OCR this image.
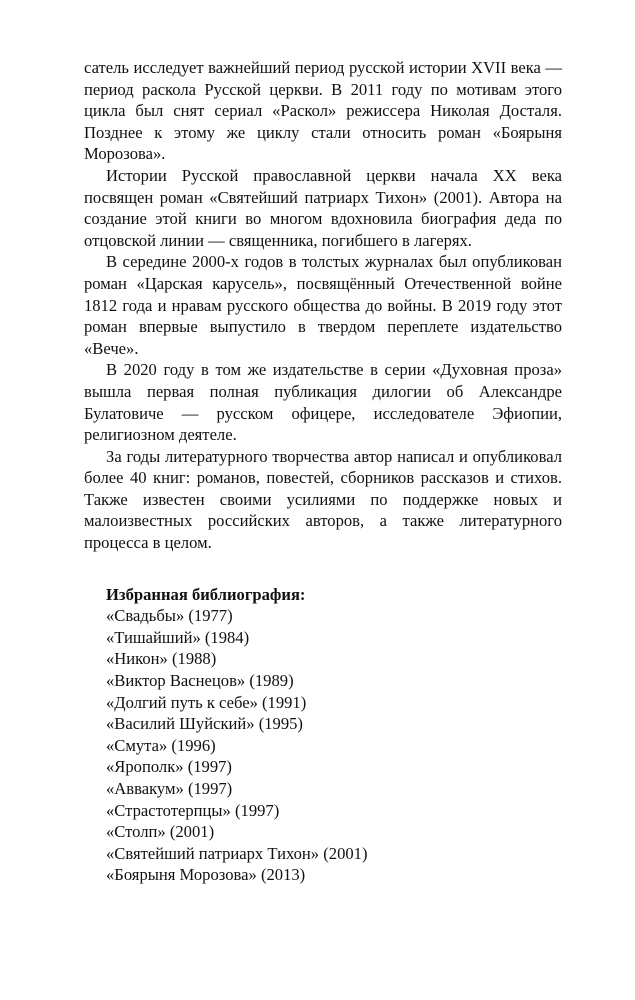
сатель исследует важнейший период русской истории XVII века — период раскола Русской церкви. В 2011 году по мотивам этого цикла был снят сериал «Раскол» режиссера Николая Досталя. Позднее к этому же циклу стали относить роман «Боярыня Морозова».

Истории Русской православной церкви начала XX века посвящен роман «Святейший патриарх Тихон» (2001). Автора на создание этой книги во многом вдохновила биография деда по отцовской линии — священника, погибшего в лагерях.

В середине 2000-х годов в толстых журналах был опубликован роман «Царская карусель», посвящённый Отечественной войне 1812 года и нравам русского общества до войны. В 2019 году этот роман впервые выпустило в твердом переплете издательство «Вече».

В 2020 году в том же издательстве в серии «Духовная проза» вышла первая полная публикация дилогии об Александре Булатовиче — русском офицере, исследователе Эфиопии, религиозном деятеле.

За годы литературного творчества автор написал и опубликовал более 40 книг: романов, повестей, сборников рассказов и стихов. Также известен своими усилиями по поддержке новых и малоизвестных российских авторов, а также литературного процесса в целом.

Избранная библиография:

«Свадьбы» (1977)
«Тишайший» (1984)
«Никон» (1988)
«Виктор Васнецов» (1989)
«Долгий путь к себе» (1991)
«Василий Шуйский» (1995)
«Смута» (1996)
«Ярополк» (1997)
«Аввакум» (1997)
«Страстотерпцы» (1997)
«Столп» (2001)
«Святейший патриарх Тихон» (2001)
«Боярыня Морозова» (2013)
